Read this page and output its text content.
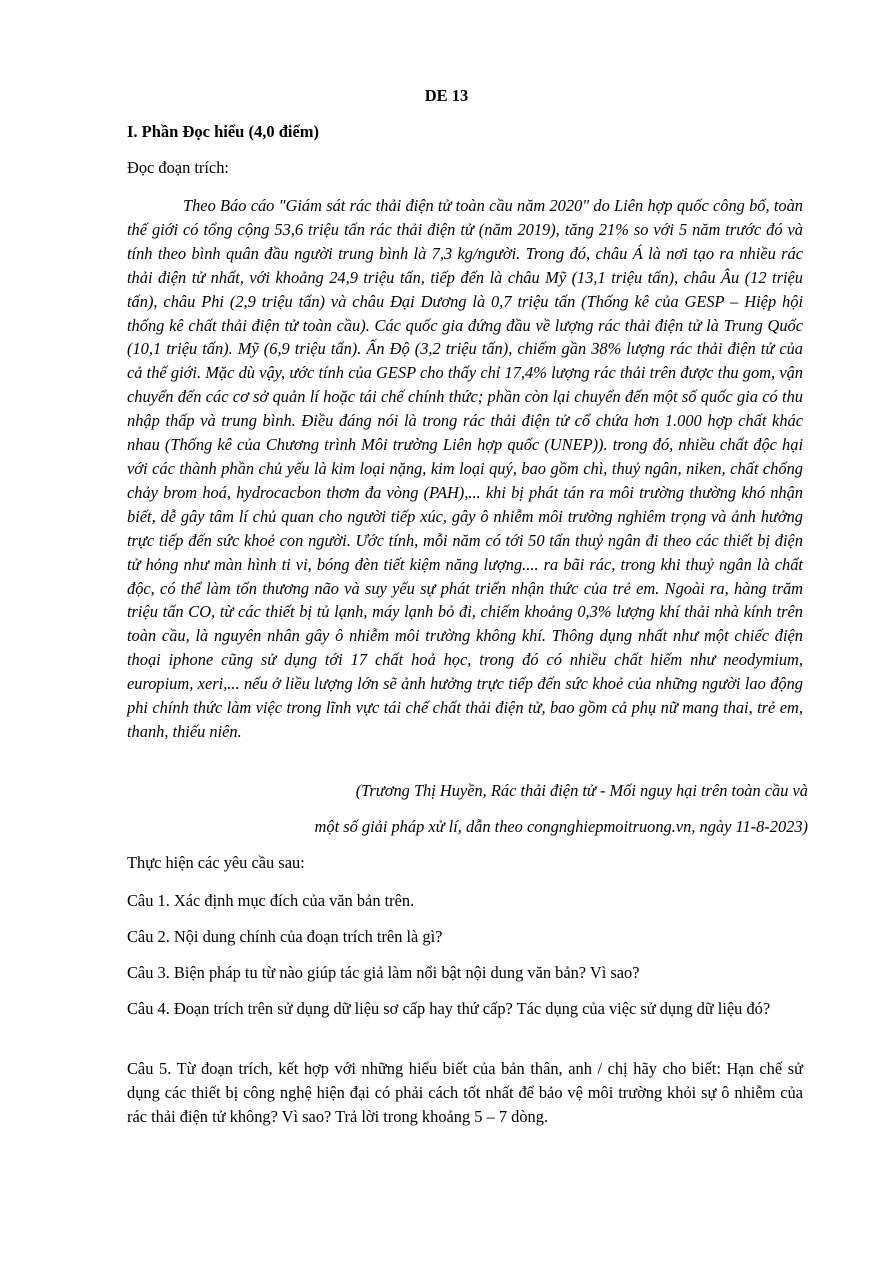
DE 13

I. Phần Đọc hiểu (4,0 điểm)

Đọc đoạn trích:

Theo Báo cáo "Giám sát rác thải điện tử toàn cầu năm 2020" do Liên hợp quốc công bố, toàn thế giới có tổng cộng 53,6 triệu tấn rác thải điện tử (năm 2019), tăng 21% so với 5 năm trước đó và tính theo bình quân đầu người trung bình là 7,3 kg/người. Trong đó, châu Á là nơi tạo ra nhiều rác thải điện tử nhất, với khoảng 24,9 triệu tấn, tiếp đến là châu Mỹ (13,1 triệu tấn), châu Âu (12 triệu tấn), châu Phi (2,9 triệu tấn) và châu Đại Dương là 0,7 triệu tấn (Thống kê của GESP – Hiệp hội thống kê chất thải điện tử toàn cầu). Các quốc gia đứng đầu về lượng rác thải điện tử là Trung Quốc (10,1 triệu tấn). Mỹ (6,9 triệu tấn). Ấn Độ (3,2 triệu tấn), chiếm gần 38% lượng rác thải điện tử của cả thế giới. Mặc dù vậy, ước tính của GESP cho thấy chỉ 17,4% lượng rác thải trên được thu gom, vận chuyển đến các cơ sở quản lí hoặc tái chế chính thức; phần còn lại chuyển đến một số quốc gia có thu nhập thấp và trung bình. Điều đáng nói là trong rác thải điện tử cổ chứa hơn 1.000 hợp chất khác nhau (Thống kê của Chương trình Môi trường Liên hợp quốc (UNEP)). trong đó, nhiều chất độc hại với các thành phần chủ yếu là kim loại nặng, kim loại quý, bao gồm chì, thuỷ ngân, niken, chất chống chảy brom hoá, hydrocacbon thơm đa vòng (PAH),... khi bị phát tán ra môi trường thường khó nhận biết, dễ gây tâm lí chủ quan cho người tiếp xúc, gây ô nhiễm môi trường nghiêm trọng và ảnh hưởng trực tiếp đến sức khoẻ con người. Ước tính, mỗi năm có tới 50 tấn thuỷ ngân đi theo các thiết bị điện tử hỏng như màn hình ti vi, bóng đèn tiết kiệm năng lượng.... ra bãi rác, trong khi thuỷ ngân là chất độc, có thể làm tổn thương não và suy yếu sự phát triển nhận thức của trẻ em. Ngoài ra, hàng trăm triệu tấn CO, từ các thiết bị tủ lạnh, máy lạnh bỏ đi, chiếm khoảng 0,3% lượng khí thải nhà kính trên toàn cầu, là nguyên nhân gây ô nhiễm môi trường không khí. Thông dụng nhất như một chiếc điện thoại iphone cũng sử dụng tới 17 chất hoả học, trong đó có nhiều chất hiếm như neodymium, europium, xeri,... nếu ở liều lượng lớn sẽ ảnh hưởng trực tiếp đến sức khoẻ của những người lao động phi chính thức làm việc trong lĩnh vực tái chế chất thải điện tử, bao gồm cả phụ nữ mang thai, trẻ em, thanh, thiếu niên.

(Trương Thị Huyền, Rác thải điện tử - Mối nguy hại trên toàn cầu và

một số giải pháp xử lí, dẫn theo congnghiepmoitruong.vn, ngày 11-8-2023)

Thực hiện các yêu cầu sau:

Câu 1. Xác định mục đích của văn bản trên.

Câu 2. Nội dung chính của đoạn trích trên là gì?

Câu 3. Biện pháp tu từ nào giúp tác giả làm nổi bật nội dung văn bản? Vì sao?

Câu 4. Đoạn trích trên sử dụng dữ liệu sơ cấp hay thứ cấp? Tác dụng của việc sử dụng dữ liệu đó?

Câu 5. Từ đoạn trích, kết hợp với những hiểu biết của bản thân, anh / chị hãy cho biết: Hạn chế sử dụng các thiết bị công nghệ hiện đại có phải cách tốt nhất để bảo vệ môi trường khỏi sự ô nhiễm của rác thải điện tử không? Vì sao? Trả lời trong khoảng 5 – 7 dòng.
